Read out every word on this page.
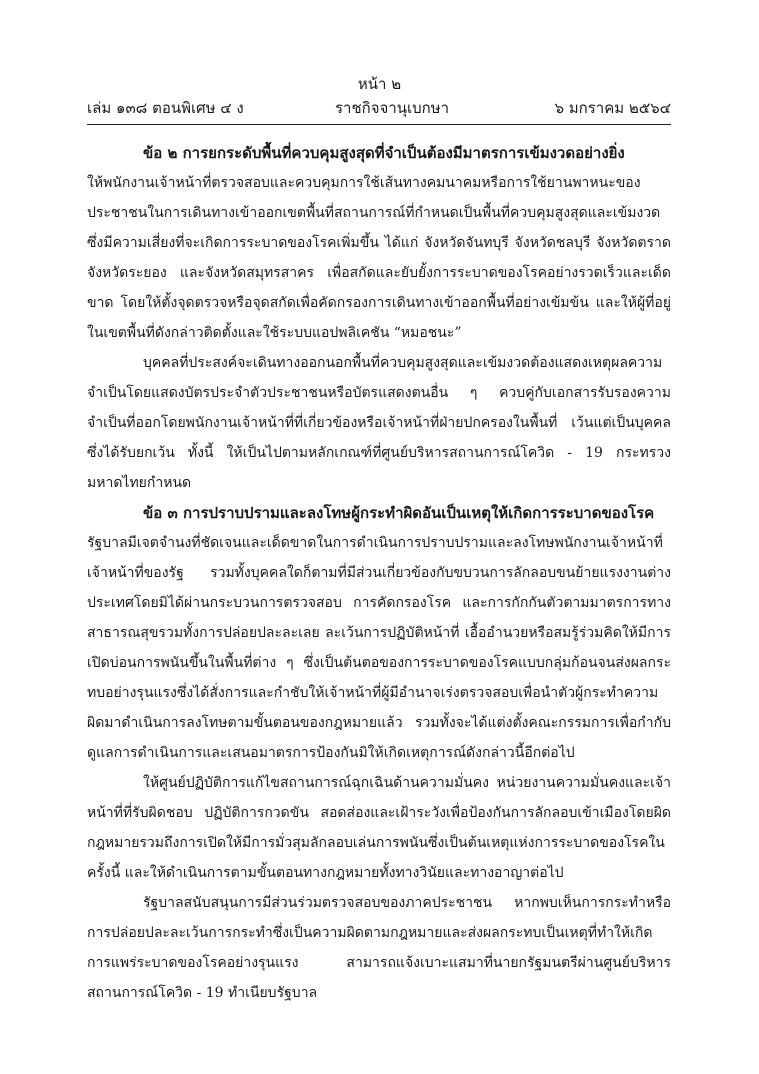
หน้า ๒
เล่ม ๑๓๘ ตอนพิเศษ ๔ ง	ราชกิจจานุเบกษา	๖ มกราคม ๒๕๖๔

ข้อ ๒ การยกระดับพื้นที่ควบคุมสูงสุดที่จำเป็นต้องมีมาตรการเข้มงวดอย่างยิ่ง

ให้พนักงานเจ้าหน้าที่ตรวจสอบและควบคุมการใช้เส้นทางคมนาคมหรือการใช้ยานพาหนะของประชาชนในการเดินทางเข้าออกเขตพื้นที่สถานการณ์ที่กำหนดเป็นพื้นที่ควบคุมสูงสุดและเข้มงวด ซึ่งมีความเสี่ยงที่จะเกิดการระบาดของโรคเพิ่มขึ้น ได้แก่ จังหวัดจันทบุรี จังหวัดชลบุรี จังหวัดตราด จังหวัดระยอง และจังหวัดสมุทรสาคร เพื่อสกัดและยับยั้งการระบาดของโรคอย่างรวดเร็วและเด็ดขาด โดยให้ตั้งจุดตรวจหรือจุดสกัดเพื่อคัดกรองการเดินทางเข้าออกพื้นที่อย่างเข้มข้น และให้ผู้ที่อยู่ในเขตพื้นที่ดังกล่าวติดตั้งและใช้ระบบแอปพลิเคชัน “หมอชนะ”

บุคคลที่ประสงค์จะเดินทางออกนอกพื้นที่ควบคุมสูงสุดและเข้มงวดต้องแสดงเหตุผลความจำเป็นโดยแสดงบัตรประจำตัวประชาชนหรือบัตรแสดงตนอื่น ๆ ควบคู่กับเอกสารรับรองความจำเป็นที่ออกโดยพนักงานเจ้าหน้าที่ที่เกี่ยวข้องหรือเจ้าหน้าที่ฝ่ายปกครองในพื้นที่ เว้นแต่เป็นบุคคลซึ่งได้รับยกเว้น ทั้งนี้ ให้เป็นไปตามหลักเกณฑ์ที่ศูนย์บริหารสถานการณ์โควิด - 19 กระทรวงมหาดไทยกำหนด

ข้อ ๓ การปราบปรามและลงโทษผู้กระทำผิดอันเป็นเหตุให้เกิดการระบาดของโรค

รัฐบาลมีเจตจำนงที่ชัดเจนและเด็ดขาดในการดำเนินการปราบปรามและลงโทษพนักงานเจ้าหน้าที่เจ้าหน้าที่ของรัฐ รวมทั้งบุคคลใดก็ตามที่มีส่วนเกี่ยวข้องกับขบวนการลักลอบขนย้ายแรงงานต่างประเทศโดยมิได้ผ่านกระบวนการตรวจสอบ การคัดกรองโรค และการกักกันตัวตามมาตรการทางสาธารณสุขรวมทั้งการปล่อยปละละเลย ละเว้นการปฏิบัติหน้าที่ เอื้ออำนวยหรือสมรู้ร่วมคิดให้มีการเปิดบ่อนการพนันขึ้นในพื้นที่ต่าง ๆ ซึ่งเป็นต้นตอของการระบาดของโรคแบบกลุ่มก้อนจนส่งผลกระทบอย่างรุนแรงซึ่งได้สั่งการและกำชับให้เจ้าหน้าที่ผู้มีอำนาจเร่งตรวจสอบเพื่อนำตัวผู้กระทำความผิดมาดำเนินการลงโทษตามขั้นตอนของกฎหมายแล้ว รวมทั้งจะได้แต่งตั้งคณะกรรมการเพื่อกำกับดูแลการดำเนินการและเสนอมาตรการป้องกันมิให้เกิดเหตุการณ์ดังกล่าวนี้อีกต่อไป

ให้ศูนย์ปฏิบัติการแก้ไขสถานการณ์ฉุกเฉินด้านความมั่นคง หน่วยงานความมั่นคงและเจ้าหน้าที่ที่รับผิดชอบ ปฏิบัติการกวดขัน สอดส่องและเฝ้าระวังเพื่อป้องกันการลักลอบเข้าเมืองโดยผิดกฎหมายรวมถึงการเปิดให้มีการมั่วสุมลักลอบเล่นการพนันซึ่งเป็นต้นเหตุแห่งการระบาดของโรคในครั้งนี้ และให้ดำเนินการตามขั้นตอนทางกฎหมายทั้งทางวินัยและทางอาญาต่อไป

รัฐบาลสนับสนุนการมีส่วนร่วมตรวจสอบของภาคประชาชน หากพบเห็นการกระทำหรือการปล่อยปละละเว้นการกระทำซึ่งเป็นความผิดตามกฎหมายและส่งผลกระทบเป็นเหตุที่ทำให้เกิดการแพร่ระบาดของโรคอย่างรุนแรง สามารถแจ้งเบาะแสมาที่นายกรัฐมนตรีผ่านศูนย์บริหารสถานการณ์โควิด - 19 ทำเนียบรัฐบาล
